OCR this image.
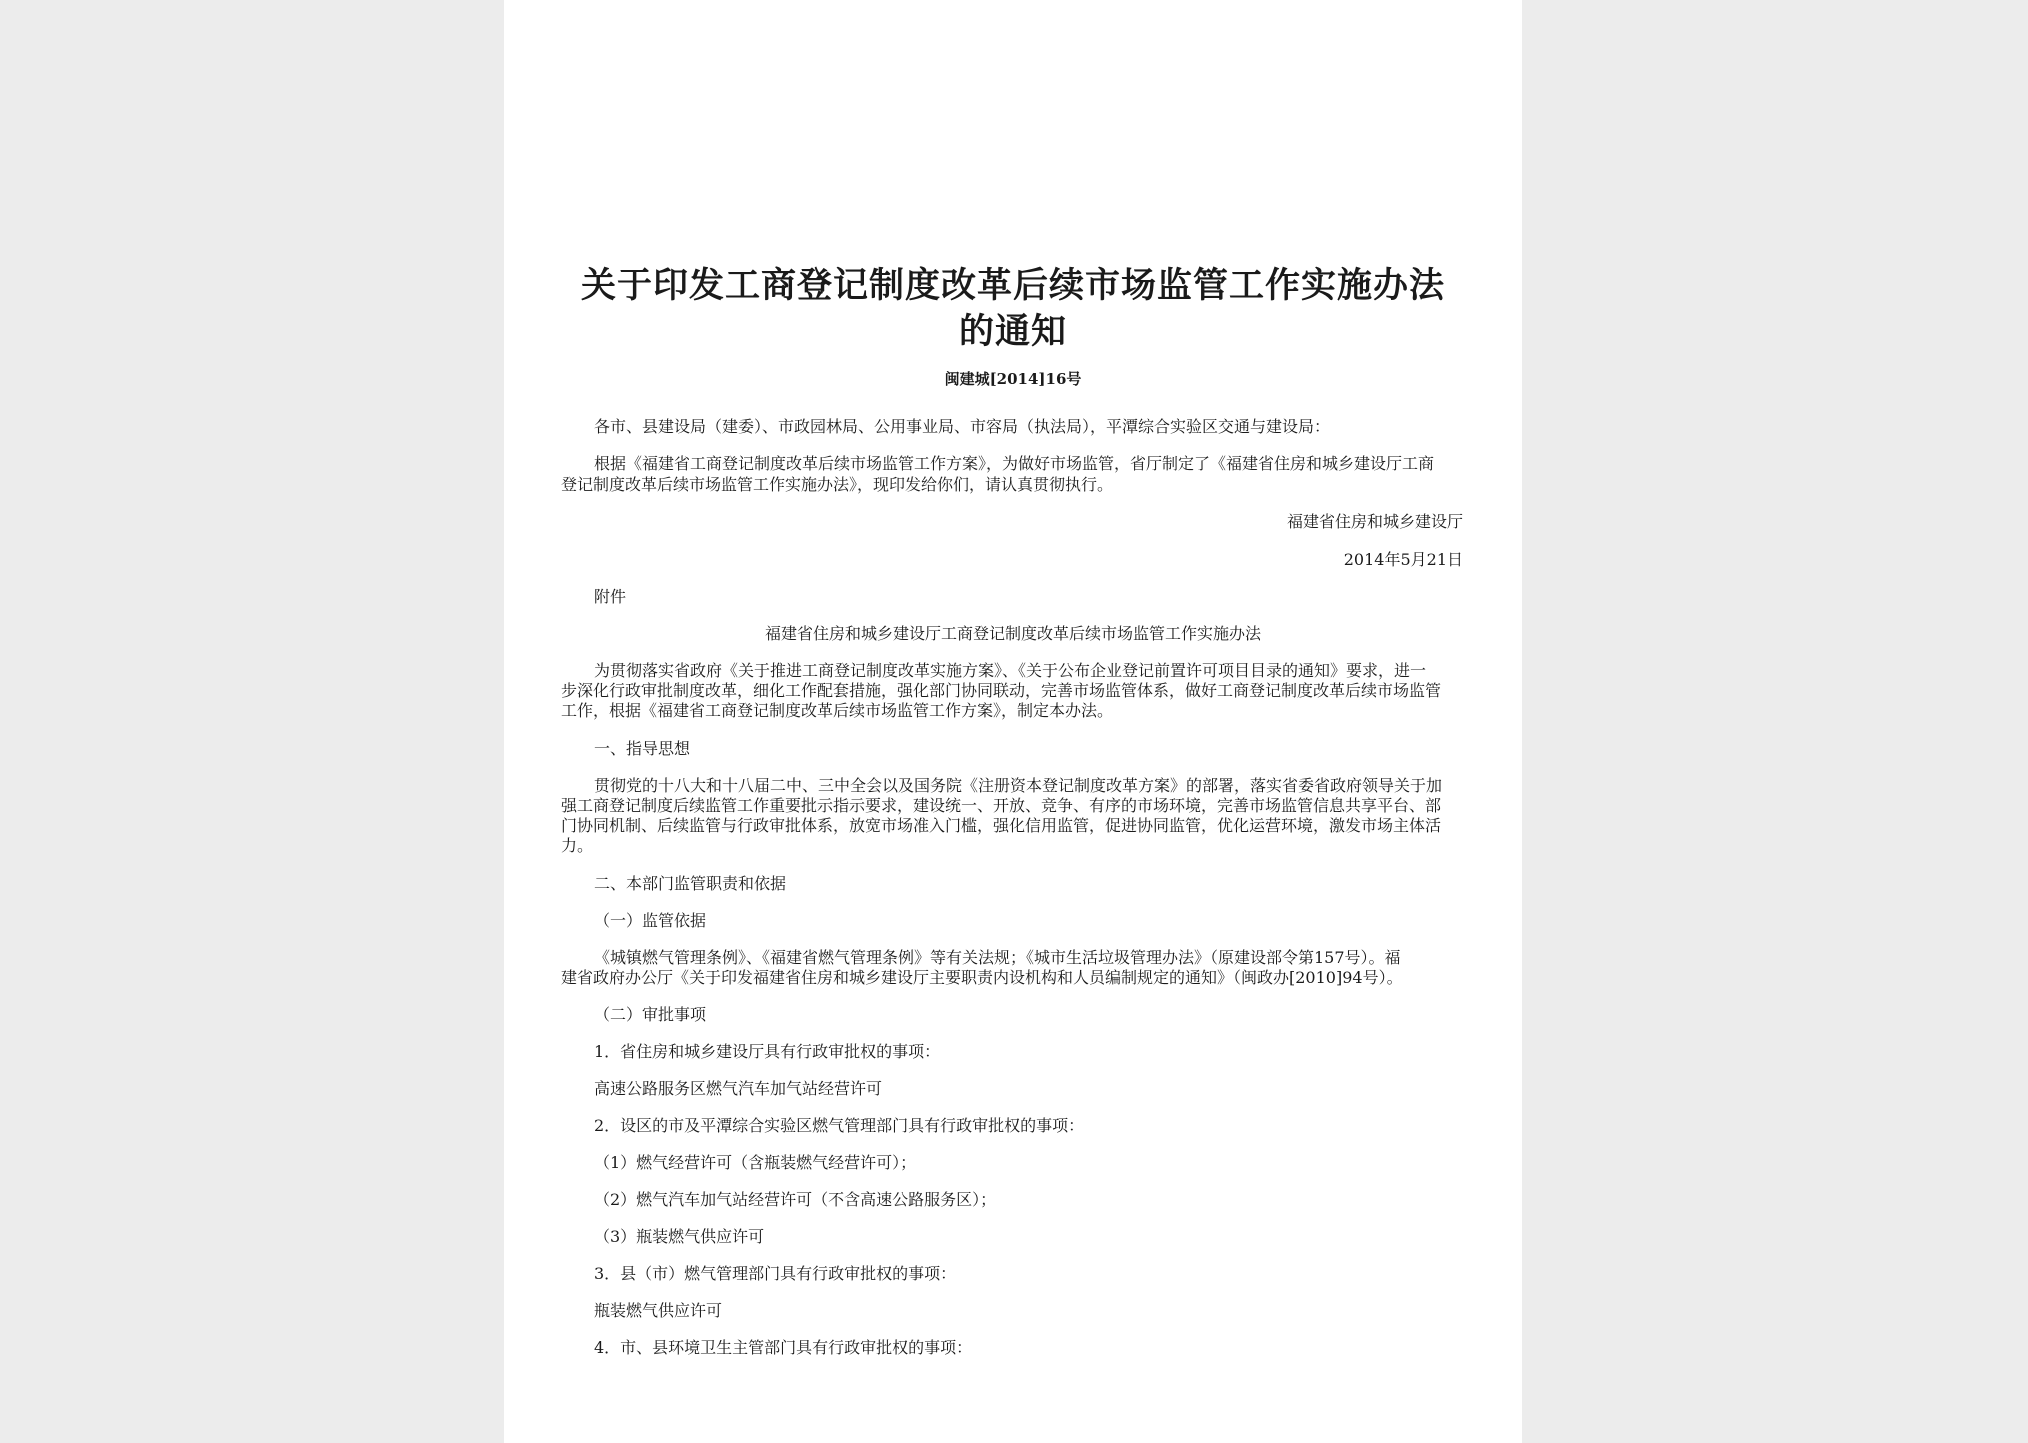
关于印发工商登记制度改革后续市场监管工作实施办法
的通知

闽建城[2014]16号

各市、县建设局（建委）、市政园林局、公用事业局、市容局（执法局），平潭综合实验区交通与建设局：

根据《福建省工商登记制度改革后续市场监管工作方案》，为做好市场监管，省厅制定了《福建省住房和城乡建设厅工商

登记制度改革后续市场监管工作实施办法》，现印发给你们，请认真贯彻执行。

福建省住房和城乡建设厅

2014年5月21日

附件

福建省住房和城乡建设厅工商登记制度改革后续市场监管工作实施办法

为贯彻落实省政府《关于推进工商登记制度改革实施方案》、《关于公布企业登记前置许可项目目录的通知》要求，进一

步深化行政审批制度改革，细化工作配套措施，强化部门协同联动，完善市场监管体系，做好工商登记制度改革后续市场监管

工作，根据《福建省工商登记制度改革后续市场监管工作方案》，制定本办法。

一、指导思想

贯彻党的十八大和十八届二中、三中全会以及国务院《注册资本登记制度改革方案》的部署，落实省委省政府领导关于加

强工商登记制度后续监管工作重要批示指示要求，建设统一、开放、竞争、有序的市场环境，完善市场监管信息共享平台、部

门协同机制、后续监管与行政审批体系，放宽市场准入门槛，强化信用监管，促进协同监管，优化运营环境，激发市场主体活

力。

二、本部门监管职责和依据

（一）监管依据

《城镇燃气管理条例》、《福建省燃气管理条例》等有关法规；《城市生活垃圾管理办法》（原建设部令第157号）。福

建省政府办公厅《关于印发福建省住房和城乡建设厅主要职责内设机构和人员编制规定的通知》（闽政办[2010]94号）。

（二）审批事项

1．省住房和城乡建设厅具有行政审批权的事项：

高速公路服务区燃气汽车加气站经营许可

2．设区的市及平潭综合实验区燃气管理部门具有行政审批权的事项：

（1）燃气经营许可（含瓶装燃气经营许可）；

（2）燃气汽车加气站经营许可（不含高速公路服务区）；

（3）瓶装燃气供应许可

3．县（市）燃气管理部门具有行政审批权的事项：

瓶装燃气供应许可

4．市、县环境卫生主管部门具有行政审批权的事项：
